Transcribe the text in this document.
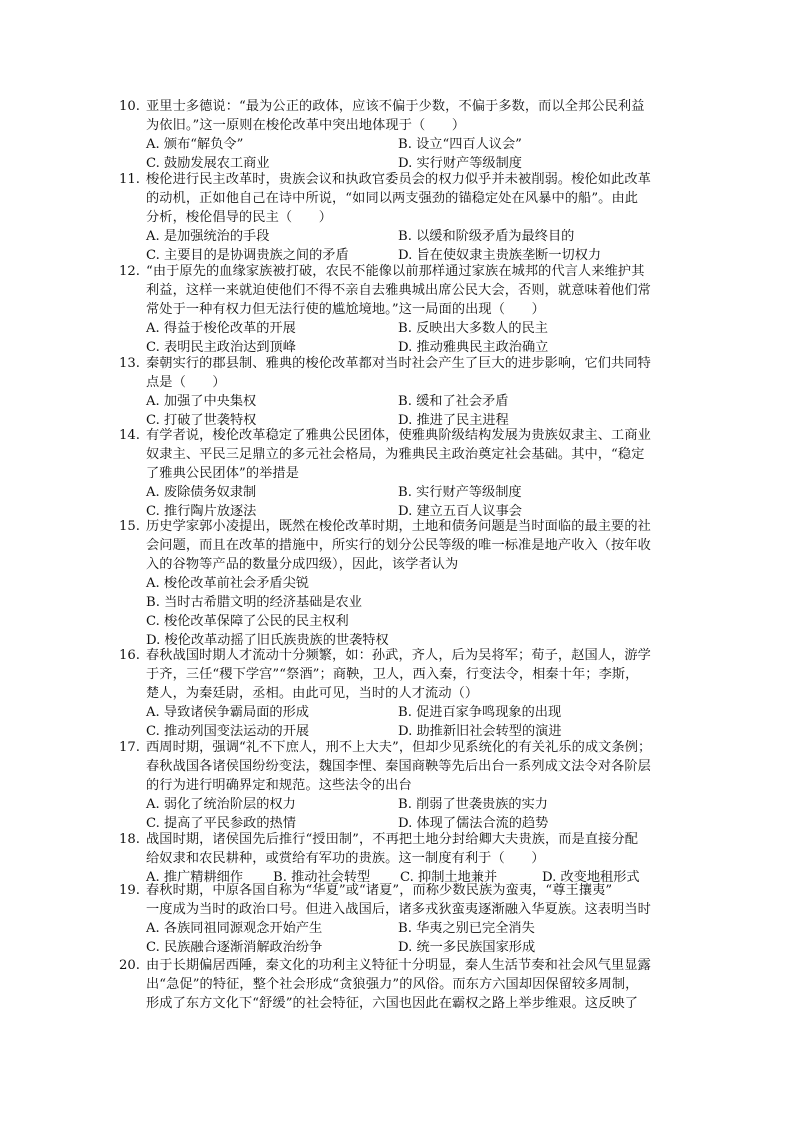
10. 亚里士多德说：“最为公正的政体，应该不偏于少数，不偏于多数，而以全邦公民利益
为依旧。”这一原则在梭伦改革中突出地体现于（　　）
A. 颁布“解负令”	B. 设立“四百人议会”
C. 鼓励发展农工商业	D. 实行财产等级制度
11. 梭伦进行民主改革时，贵族会议和执政官委员会的权力似乎并未被削弱。梭伦如此改革
的动机，正如他自己在诗中所说，“如同以两支强劲的锚稳定处在风暴中的船”。由此
分析，梭伦倡导的民主（　　）
A. 是加强统治的手段	B. 以缓和阶级矛盾为最终目的
C. 主要目的是协调贵族之间的矛盾	D. 旨在使奴隶主贵族垄断一切权力
12. “由于原先的血缘家族被打破，农民不能像以前那样通过家族在城邦的代言人来维护其
利益，这样一来就迫使他们不得不亲自去雅典城出席公民大会，否则，就意味着他们常
常处于一种有权力但无法行使的尴尬境地。”这一局面的出现（　　）
A. 得益于梭伦改革的开展	B. 反映出大多数人的民主
C. 表明民主政治达到顶峰	D. 推动雅典民主政治确立
13. 秦朝实行的郡县制、雅典的梭伦改革都对当时社会产生了巨大的进步影响，它们共同特
点是（　　）
A. 加强了中央集权	B. 缓和了社会矛盾
C. 打破了世袭特权	D. 推进了民主进程
14. 有学者说，梭伦改革稳定了雅典公民团体，使雅典阶级结构发展为贵族奴隶主、工商业
奴隶主、平民三足鼎立的多元社会格局，为雅典民主政治奠定社会基础。其中，“稳定
了雅典公民团体”的举措是
A. 废除债务奴隶制	B. 实行财产等级制度
C. 推行陶片放逐法	D. 建立五百人议事会
15. 历史学家郭小凌提出，既然在梭伦改革时期，土地和债务问题是当时面临的最主要的社
会问题，而且在改革的措施中，所实行的划分公民等级的唯一标准是地产收入（按年收
入的谷物等产品的数量分成四级），因此，该学者认为
A. 梭伦改革前社会矛盾尖锐
B. 当时古希腊文明的经济基础是农业
C. 梭伦改革保障了公民的民主权利
D. 梭伦改革动摇了旧氏族贵族的世袭特权
16. 春秋战国时期人才流动十分频繁，如：孙武，齐人，后为吴将军；荀子，赵国人，游学
于齐，三任“稷下学宫”“祭酒”；商鞅，卫人，西入秦，行变法令，相秦十年；李斯，
楚人，为秦廷尉，丞相。由此可见，当时的人才流动（）
A. 导致诸侯争霸局面的形成	B. 促进百家争鸣现象的出现
C. 推动列国变法运动的开展	D. 助推新旧社会转型的演进
17. 西周时期，强调“礼不下庶人，刑不上大夫”，但却少见系统化的有关礼乐的成文条例；
春秋战国各诸侯国纷纷变法，魏国李悝、秦国商鞅等先后出台一系列成文法令对各阶层
的行为进行明确界定和规范。这些法令的出台
A. 弱化了统治阶层的权力	B. 削弱了世袭贵族的实力
C. 提高了平民参政的热情	D. 体现了儒法合流的趋势
18. 战国时期，诸侯国先后推行“授田制”，不再把土地分封给卿大夫贵族，而是直接分配
给奴隶和农民耕种，或赏给有军功的贵族。这一制度有利于（　　）
A. 推广精耕细作	B. 推动社会转型	C. 抑制土地兼并	D. 改变地租形式
19. 春秋时期，中原各国自称为“华夏”或“诸夏”，而称少数民族为蛮夷，“尊王攘夷”
一度成为当时的政治口号。但进入战国后，诸多戎狄蛮夷逐渐融入华夏族。这表明当时
A. 各族同祖同源观念开始产生	B. 华夷之别已完全消失
C. 民族融合逐渐消解政治纷争	D. 统一多民族国家形成
20. 由于长期偏居西陲，秦文化的功利主义特征十分明显，秦人生活节奏和社会风气里显露
出“急促”的特征，整个社会形成“贪狼强力”的风俗。而东方六国却因保留较多周制，
形成了东方文化下“舒缓”的社会特征，六国也因此在霸权之路上举步维艰。这反映了
